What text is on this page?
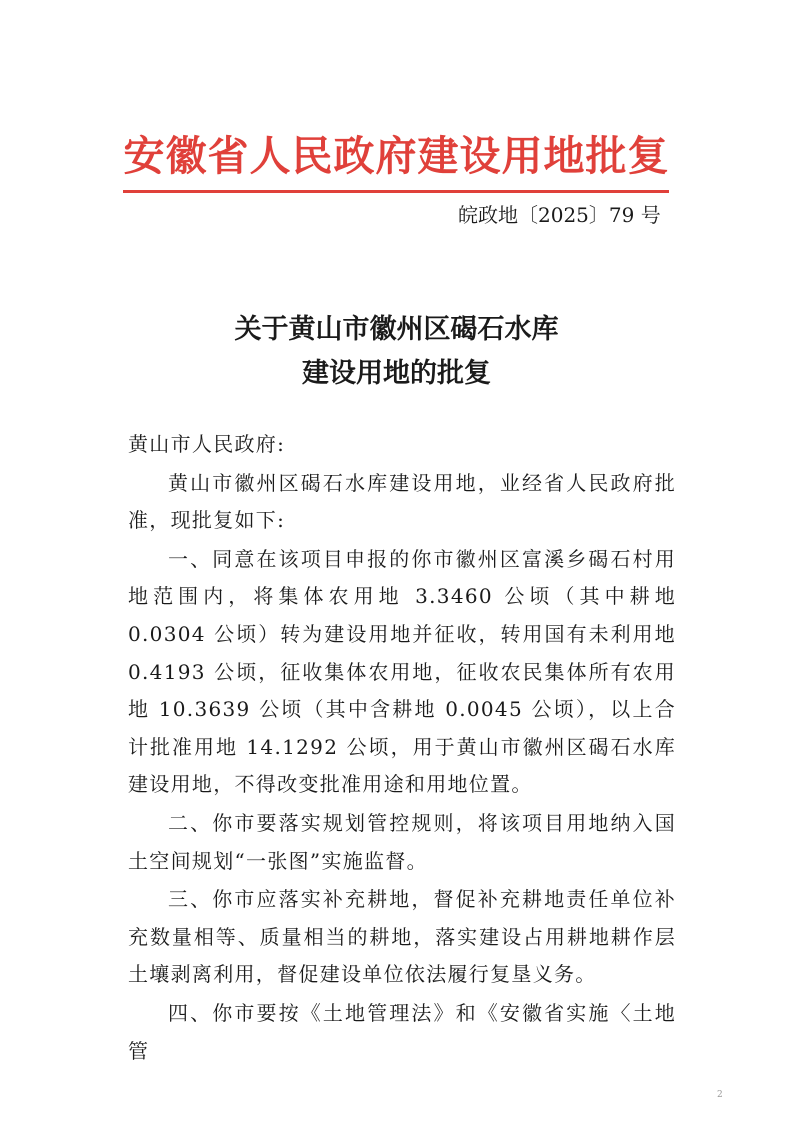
安徽省人民政府建设用地批复
皖政地〔2025〕79 号
关于黄山市徽州区碣石水库
建设用地的批复

黄山市人民政府:

黄山市徽州区碣石水库建设用地，业经省人民政府批准，现批复如下:

一、同意在该项目申报的你市徽州区富溪乡碣石村用地范围内，将集体农用地 3.3460 公顷（其中耕地 0.0304 公顷）转为建设用地并征收，转用国有未利用地 0.4193 公顷，征收集体农用地，征收农民集体所有农用地 10.3639 公顷（其中含耕地 0.0045 公顷），以上合计批准用地 14.1292 公顷，用于黄山市徽州区碣石水库建设用地，不得改变批准用途和用地位置。

二、你市要落实规划管控规则，将该项目用地纳入国土空间规划“一张图”实施监督。

三、你市应落实补充耕地，督促补充耕地责任单位补充数量相等、质量相当的耕地，落实建设占用耕地耕作层土壤剥离利用，督促建设单位依法履行复垦义务。

四、你市要按《土地管理法》和《安徽省实施〈土地管

2
